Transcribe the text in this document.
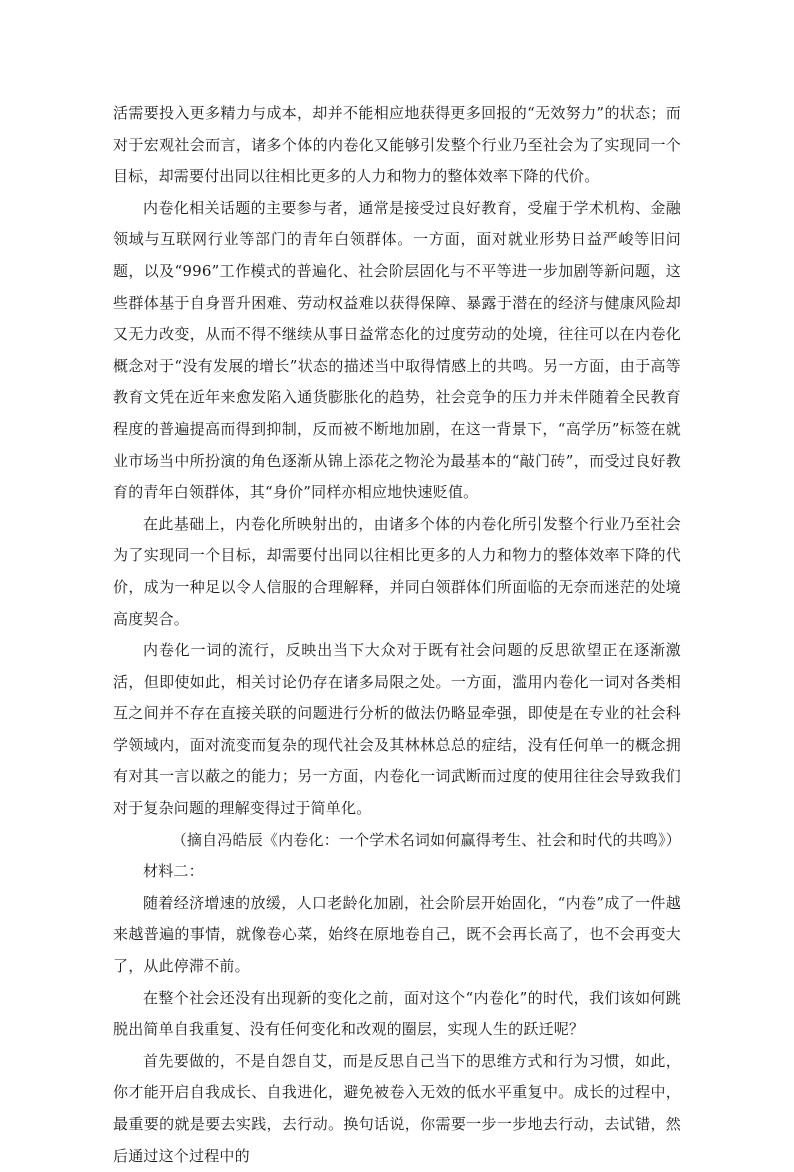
活需要投入更多精力与成本，却并不能相应地获得更多回报的“无效努力”的状态；而对于宏观社会而言，诸多个体的内卷化又能够引发整个行业乃至社会为了实现同一个目标，却需要付出同以往相比更多的人力和物力的整体效率下降的代价。

内卷化相关话题的主要参与者，通常是接受过良好教育，受雇于学术机构、金融领域与互联网行业等部门的青年白领群体。一方面，面对就业形势日益严峻等旧问题，以及“996”工作模式的普遍化、社会阶层固化与不平等进一步加剧等新问题，这些群体基于自身晋升困难、劳动权益难以获得保障、暴露于潜在的经济与健康风险却又无力改变，从而不得不继续从事日益常态化的过度劳动的处境，往往可以在内卷化概念对于“没有发展的增长”状态的描述当中取得情感上的共鸣。另一方面，由于高等教育文凭在近年来愈发陷入通货膨胀化的趋势，社会竞争的压力并未伴随着全民教育程度的普遍提高而得到抑制，反而被不断地加剧，在这一背景下，“高学历”标签在就业市场当中所扮演的角色逐渐从锦上添花之物沦为最基本的“敲门砖”，而受过良好教育的青年白领群体，其“身价”同样亦相应地快速贬值。

在此基础上，内卷化所映射出的，由诸多个体的内卷化所引发整个行业乃至社会为了实现同一个目标，却需要付出同以往相比更多的人力和物力的整体效率下降的代价，成为一种足以令人信服的合理解释，并同白领群体们所面临的无奈而迷茫的处境高度契合。

内卷化一词的流行，反映出当下大众对于既有社会问题的反思欲望正在逐渐激活，但即使如此，相关讨论仍存在诸多局限之处。一方面，滥用内卷化一词对各类相互之间并不存在直接关联的问题进行分析的做法仍略显牵强，即使是在专业的社会科学领域内，面对流变而复杂的现代社会及其林林总总的症结，没有任何单一的概念拥有对其一言以蔽之的能力；另一方面，内卷化一词武断而过度的使用往往会导致我们对于复杂问题的理解变得过于简单化。

（摘自冯皓辰《内卷化：一个学术名词如何赢得考生、社会和时代的共鸣》）

材料二：

随着经济增速的放缓，人口老龄化加剧，社会阶层开始固化，“内卷”成了一件越来越普遍的事情，就像卷心菜，始终在原地卷自己，既不会再长高了，也不会再变大了，从此停滞不前。

在整个社会还没有出现新的变化之前，面对这个“内卷化”的时代，我们该如何跳脱出简单自我重复、没有任何变化和改观的圈层，实现人生的跃迁呢？

首先要做的，不是自怨自艾，而是反思自己当下的思维方式和行为习惯，如此，你才能开启自我成长、自我进化，避免被卷入无效的低水平重复中。成长的过程中，最重要的就是要去实践，去行动。换句话说，你需要一步一步地去行动，去试错，然后通过这个过程中的
